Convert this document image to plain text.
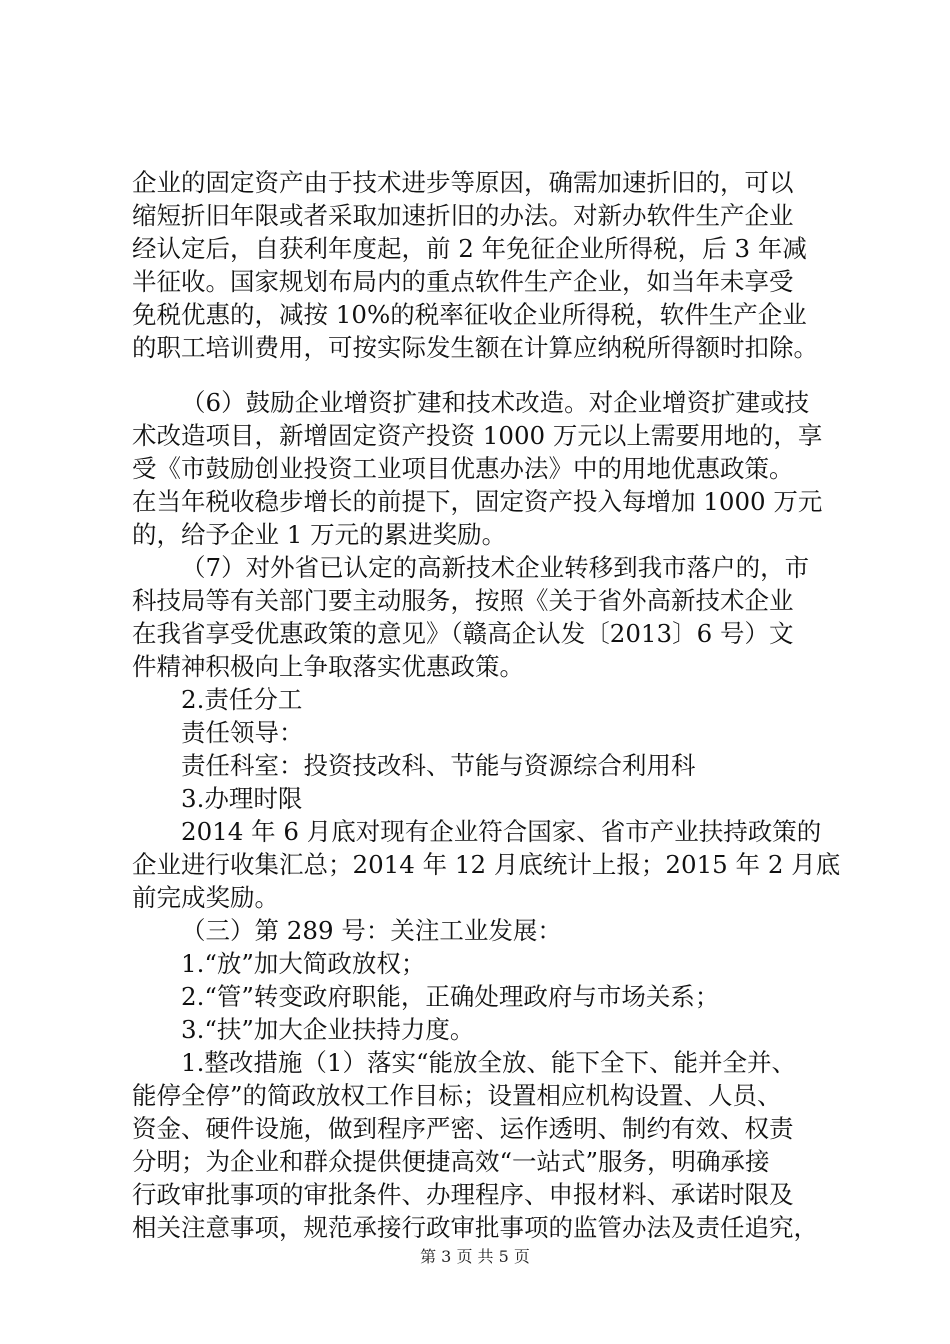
企业的固定资产由于技术进步等原因，确需加速折旧的，可以
缩短折旧年限或者采取加速折旧的办法。对新办软件生产企业
经认定后，自获利年度起，前 2 年免征企业所得税，后 3 年减
半征收。国家规划布局内的重点软件生产企业，如当年未享受
免税优惠的，减按 10%的税率征收企业所得税，软件生产企业
的职工培训费用，可按实际发生额在计算应纳税所得额时扣除。
（6）鼓励企业增资扩建和技术改造。对企业增资扩建或技
术改造项目，新增固定资产投资 1000 万元以上需要用地的，享
受《市鼓励创业投资工业项目优惠办法》中的用地优惠政策。
在当年税收稳步增长的前提下，固定资产投入每增加 1000 万元
的，给予企业 1 万元的累进奖励。
（7）对外省已认定的高新技术企业转移到我市落户的，市
科技局等有关部门要主动服务，按照《关于省外高新技术企业
在我省享受优惠政策的意见》（赣高企认发〔2013〕6 号）文
件精神积极向上争取落实优惠政策。
2.责任分工
责任领导：
责任科室：投资技改科、节能与资源综合利用科
3.办理时限
2014 年 6 月底对现有企业符合国家、省市产业扶持政策的
企业进行收集汇总；2014 年 12 月底统计上报；2015 年 2 月底
前完成奖励。
（三）第 289 号：关注工业发展：
1.“放”加大简政放权；
2.“管”转变政府职能，正确处理政府与市场关系；
3.“扶”加大企业扶持力度。
1.整改措施（1）落实“能放全放、能下全下、能并全并、
能停全停”的简政放权工作目标；设置相应机构设置、人员、
资金、硬件设施，做到程序严密、运作透明、制约有效、权责
分明；为企业和群众提供便捷高效“一站式”服务，明确承接
行政审批事项的审批条件、办理程序、申报材料、承诺时限及
相关注意事项，规范承接行政审批事项的监管办法及责任追究，
第 3 页 共 5 页
